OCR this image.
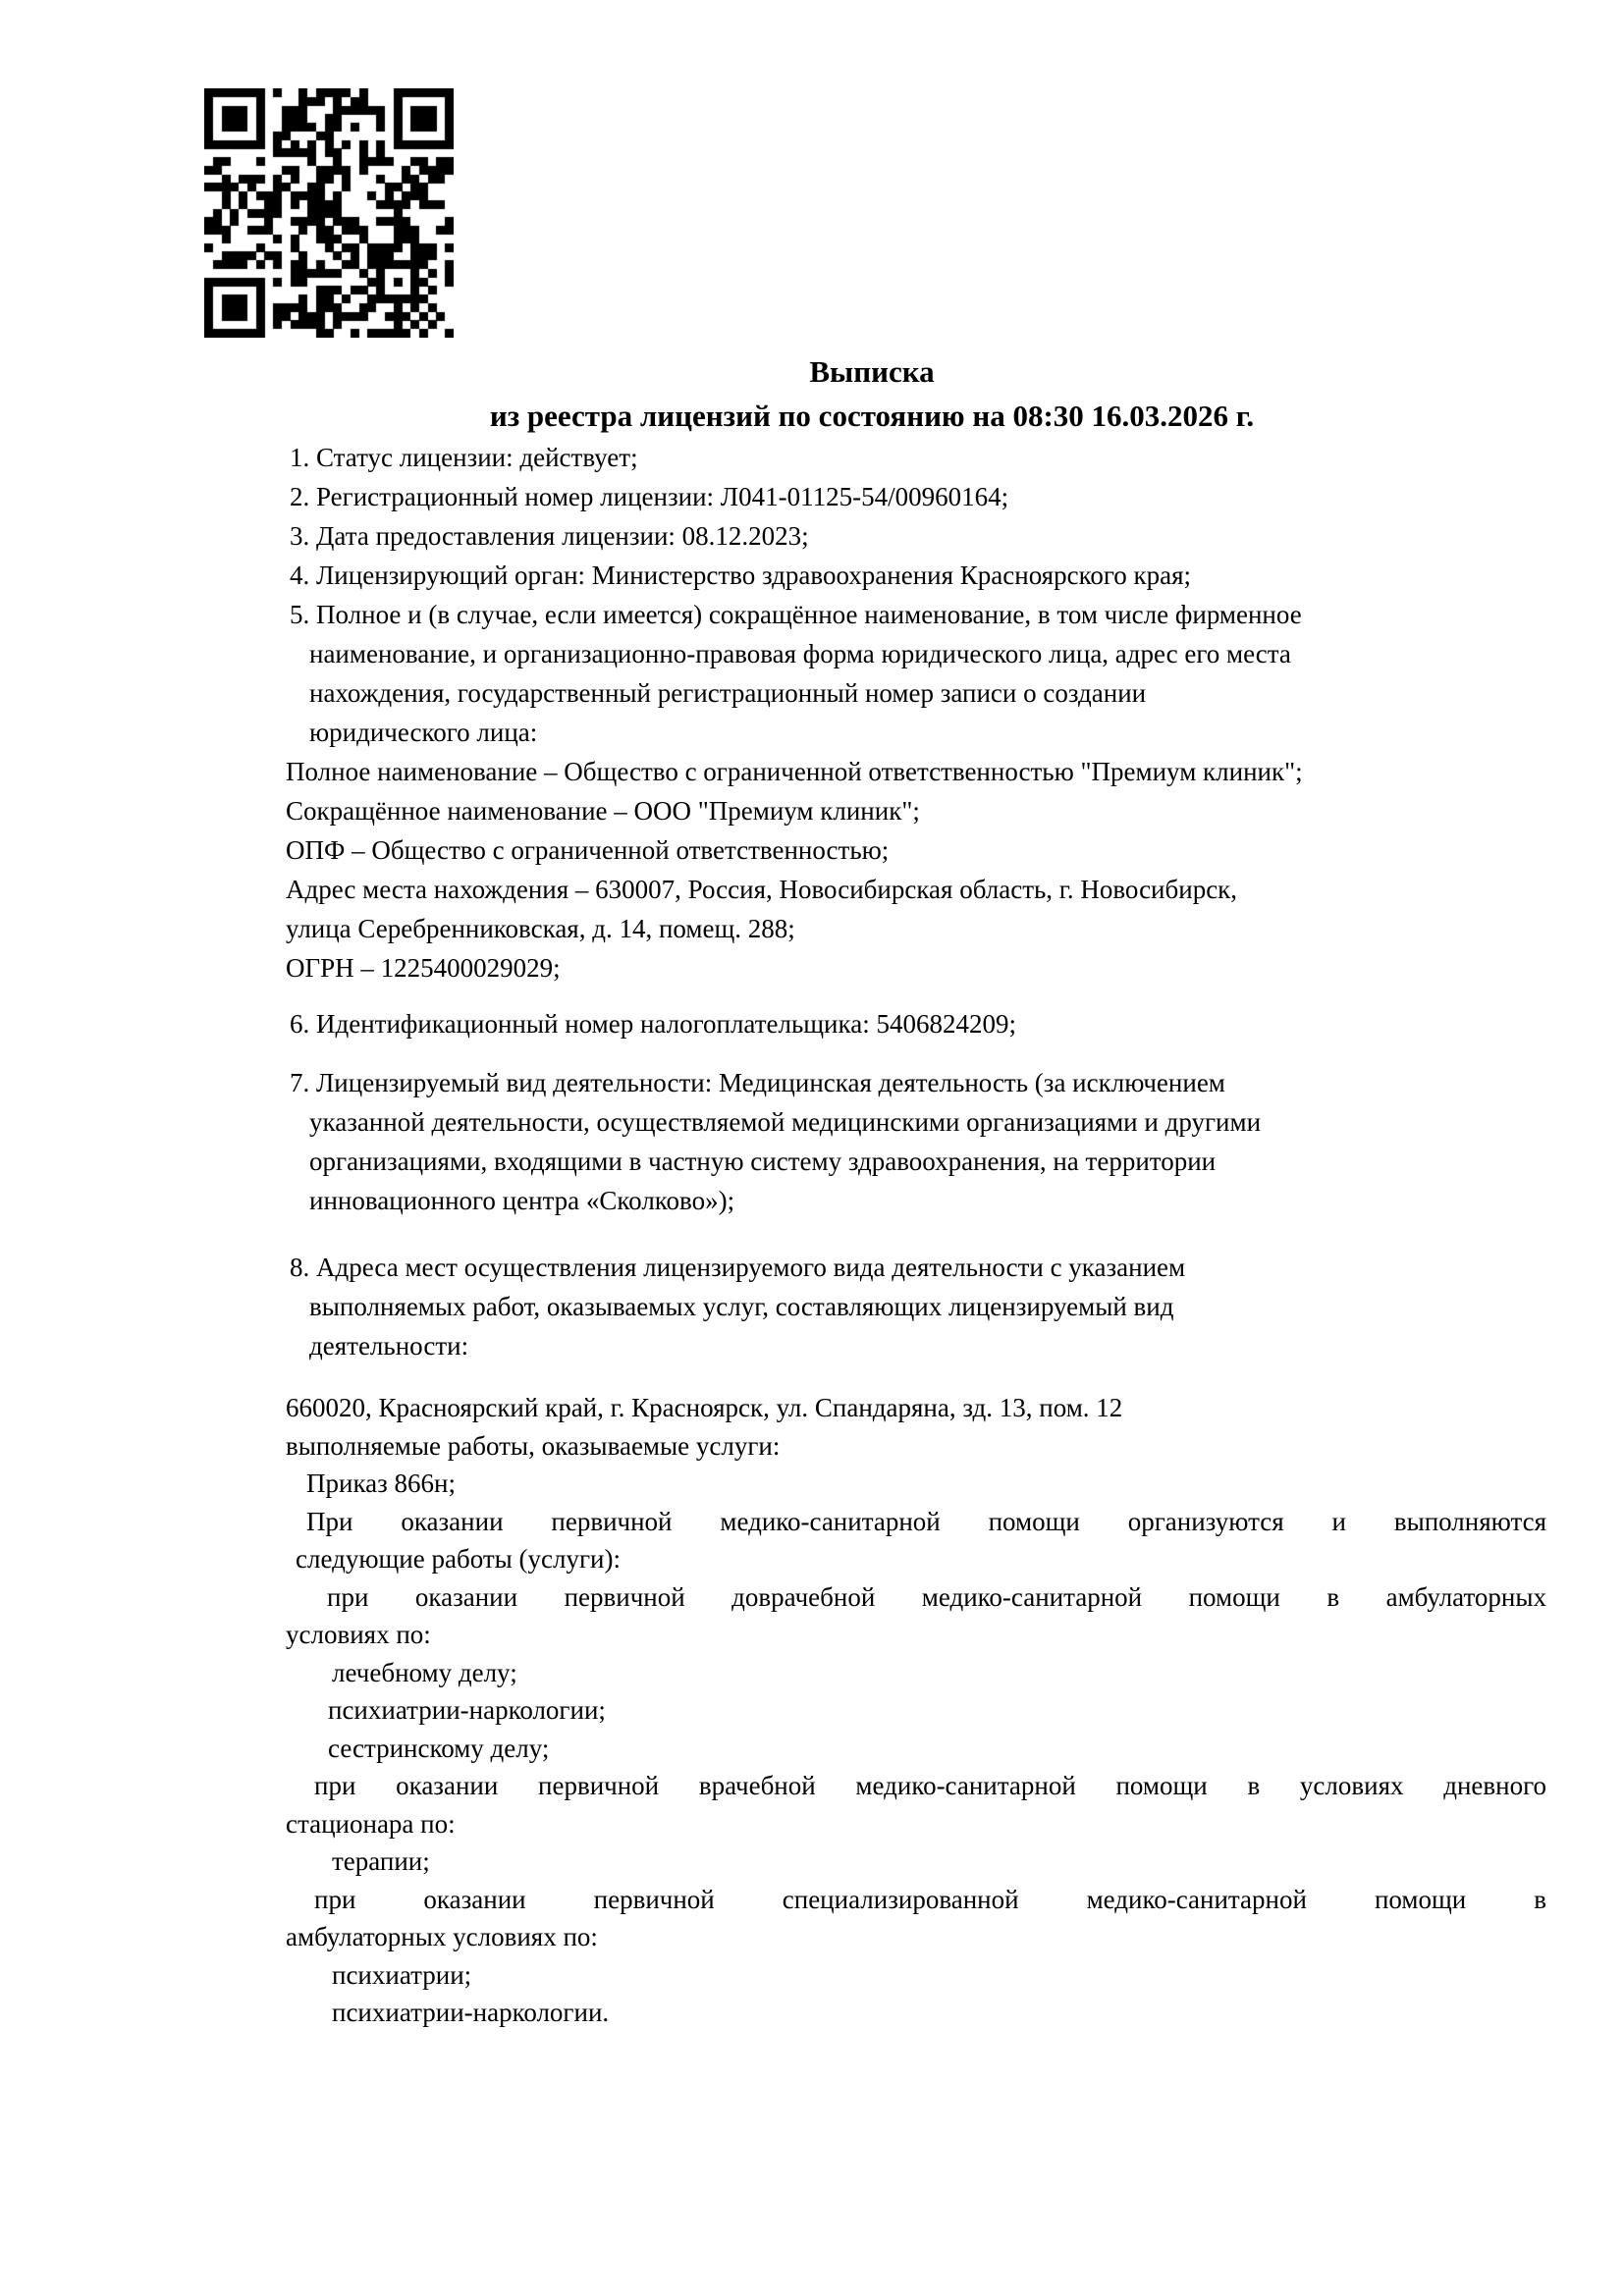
Выписка
из реестра лицензий по состоянию на 08:30 16.03.2026 г.
1. Статус лицензии: действует;
2. Регистрационный номер лицензии: Л041-01125-54/00960164;
3. Дата предоставления лицензии: 08.12.2023;
4. Лицензирующий орган: Министерство здравоохранения Красноярского края;
5. Полное и (в случае, если имеется) сокращённое наименование, в том числе фирменное
наименование, и организационно-правовая форма юридического лица, адрес его места
нахождения, государственный регистрационный номер записи о создании
юридического лица:
Полное наименование – Общество с ограниченной ответственностью "Премиум клиник";
Сокращённое наименование – ООО "Премиум клиник";
ОПФ – Общество с ограниченной ответственностью;
Адрес места нахождения – 630007, Россия, Новосибирская область, г. Новосибирск,
улица Серебренниковская, д. 14, помещ. 288;
ОГРН – 1225400029029;
6. Идентификационный номер налогоплательщика: 5406824209;
7. Лицензируемый вид деятельности: Медицинская деятельность (за исключением
указанной деятельности, осуществляемой медицинскими организациями и другими
организациями, входящими в частную систему здравоохранения, на территории
инновационного центра «Сколково»);
8. Адреса мест осуществления лицензируемого вида деятельности с указанием
выполняемых работ, оказываемых услуг, составляющих лицензируемый вид
деятельности:
660020, Красноярский край, г. Красноярск, ул. Спандаряна, зд. 13, пом. 12
выполняемые работы, оказываемые услуги:
Приказ 866н;
При оказании первичной медико-санитарной помощи организуются и выполняются
следующие работы (услуги):
при оказании первичной доврачебной медико-санитарной помощи в амбулаторных
условиях по:
лечебному делу;
психиатрии-наркологии;
сестринскому делу;
при оказании первичной врачебной медико-санитарной помощи в условиях дневного
стационара по:
терапии;
при оказании первичной специализированной медико-санитарной помощи в
амбулаторных условиях по:
психиатрии;
психиатрии-наркологии.
